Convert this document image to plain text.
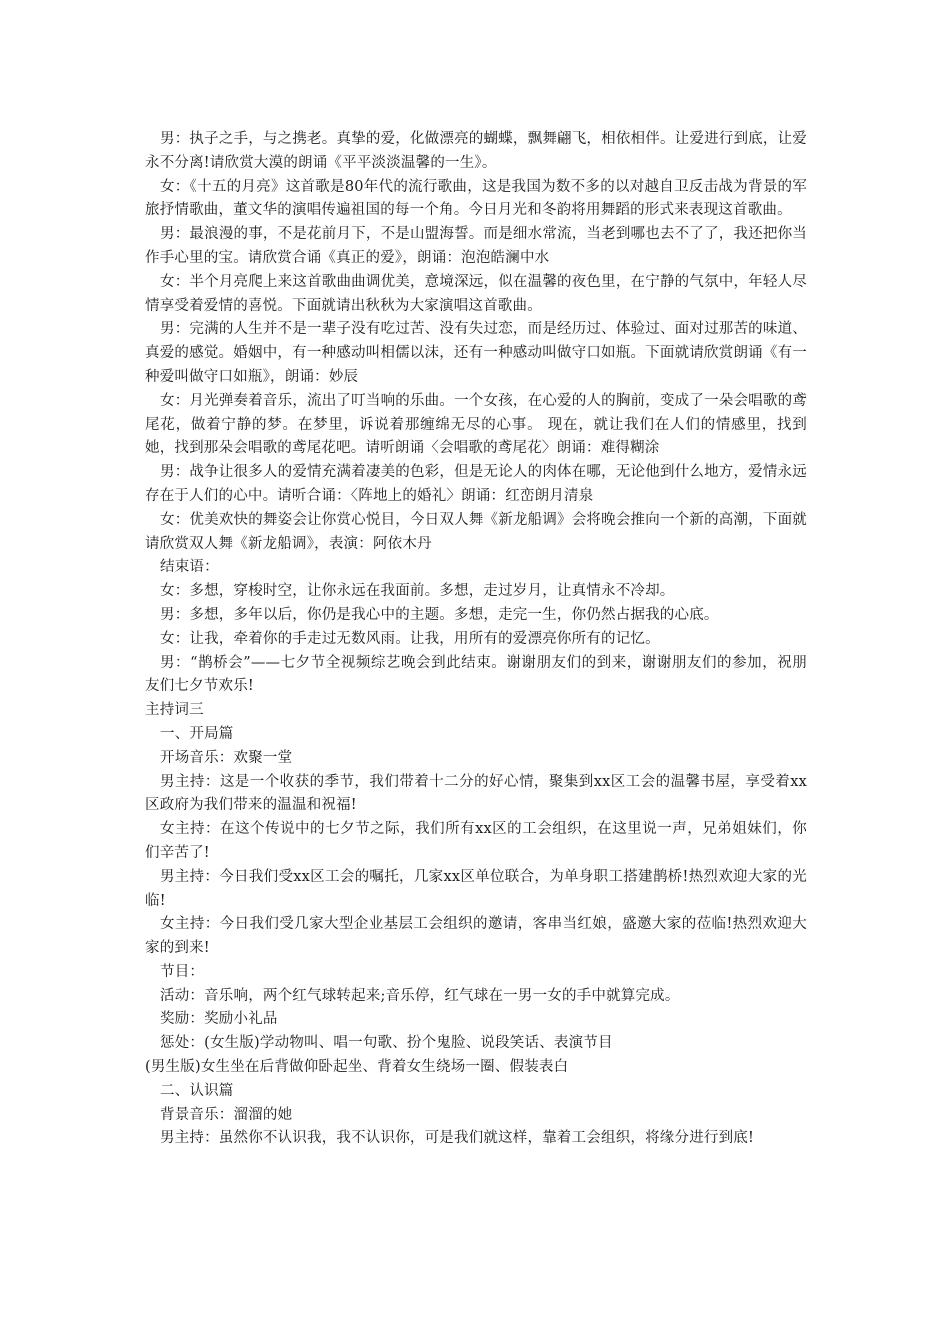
男：执子之手，与之携老。真挚的爱，化做漂亮的蝴蝶，飘舞翩飞，相依相伴。让爱进行到底，让爱永不分离!请欣赏大漠的朗诵《平平淡淡温馨的一生》。

女：《十五的月亮》这首歌是80年代的流行歌曲，这是我国为数不多的以对越自卫反击战为背景的军旅抒情歌曲，董文华的演唱传遍祖国的每一个角。今日月光和冬韵将用舞蹈的形式来表现这首歌曲。

男：最浪漫的事，不是花前月下，不是山盟海誓。而是细水常流，当老到哪也去不了了，我还把你当作手心里的宝。请欣赏合诵《真正的爱》，朗诵：泡泡皓澜中水

女：半个月亮爬上来这首歌曲曲调优美，意境深远，似在温馨的夜色里，在宁静的气氛中，年轻人尽情享受着爱情的喜悦。下面就请出秋秋为大家演唱这首歌曲。

男：完满的人生并不是一辈子没有吃过苦、没有失过恋，而是经历过、体验过、面对过那苦的味道、真爱的感觉。婚姻中，有一种感动叫相儒以沫，还有一种感动叫做守口如瓶。下面就请欣赏朗诵《有一种爱叫做守口如瓶》，朗诵：妙辰

女：月光弹奏着音乐，流出了叮当响的乐曲。一个女孩，在心爱的人的胸前，变成了一朵会唱歌的鸢尾花，做着宁静的梦。在梦里，诉说着那缠绵无尽的心事。 现在，就让我们在人们的情感里，找到她，找到那朵会唱歌的鸢尾花吧。请听朗诵〈会唱歌的鸢尾花〉朗诵：难得糊涂

男：战争让很多人的爱情充满着凄美的色彩，但是无论人的肉体在哪，无论他到什么地方，爱情永远存在于人们的心中。请听合诵：〈阵地上的婚礼〉朗诵：红峦朗月清泉

女：优美欢快的舞姿会让你赏心悦目，今日双人舞《新龙船调》会将晚会推向一个新的高潮，下面就请欣赏双人舞《新龙船调》，表演：阿依木丹

结束语：

女：多想，穿梭时空，让你永远在我面前。多想，走过岁月，让真情永不冷却。

男：多想，多年以后，你仍是我心中的主题。多想，走完一生，你仍然占据我的心底。

女：让我，牵着你的手走过无数风雨。让我，用所有的爱漂亮你所有的记忆。

男：“鹊桥会”——七夕节全视频综艺晚会到此结束。谢谢朋友们的到来，谢谢朋友们的参加，祝朋友们七夕节欢乐!

主持词三

一、开局篇

开场音乐：欢聚一堂

男主持：这是一个收获的季节，我们带着十二分的好心情，聚集到xx区工会的温馨书屋，享受着xx区政府为我们带来的温温和祝福!

女主持：在这个传说中的七夕节之际，我们所有xx区的工会组织，在这里说一声，兄弟姐妹们，你们辛苦了!

男主持：今日我们受xx区工会的嘱托，几家xx区单位联合，为单身职工搭建鹊桥!热烈欢迎大家的光临!

女主持：今日我们受几家大型企业基层工会组织的邀请，客串当红娘，盛邀大家的莅临!热烈欢迎大家的到来!

节目：

活动：音乐响，两个红气球转起来;音乐停，红气球在一男一女的手中就算完成。

奖励：奖励小礼品

惩处：(女生版)学动物叫、唱一句歌、扮个鬼脸、说段笑话、表演节目

(男生版)女生坐在后背做仰卧起坐、背着女生绕场一圈、假装表白

二、认识篇

背景音乐：溜溜的她

男主持：虽然你不认识我，我不认识你，可是我们就这样，靠着工会组织，将缘分进行到底!
